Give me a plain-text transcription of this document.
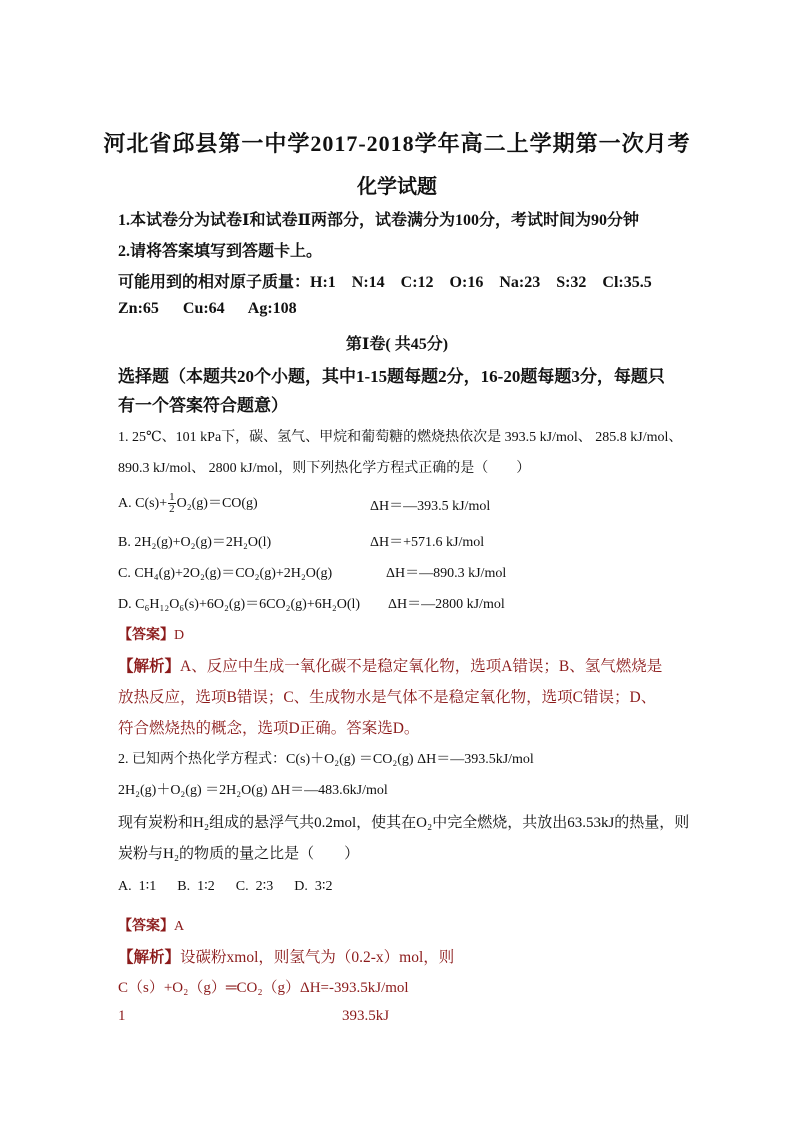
河北省邱县第一中学2017-2018学年高二上学期第一次月考
化学试题
1.本试卷分为试卷Ⅰ和试卷Ⅱ两部分，试卷满分为100分，考试时间为90分钟
2.请将答案填写到答题卡上。
可能用到的相对原子质量：H:1    N:14    C:12    O:16    Na:23    S:32    Cl:35.5
Zn:65      Cu:64      Ag:108
第Ⅰ卷( 共45分)
选择题（本题共20个小题，其中1-15题每题2分，16-20题每题3分，每题只
有一个答案符合题意）
1. 25℃、101 kPa下，碳、氢气、甲烷和葡萄糖的燃烧热依次是 393.5 kJ/mol、 285.8 kJ/mol、
890.3 kJ/mol、 2800 kJ/mol，则下列热化学方程式正确的是（　　）
A. $C(s)+ \frac{1}{2} O_2(g)=CO(g)$	ΔH＝—393.5 kJ/mol
B. 2H₂(g)+O₂(g)＝2H₂O(l)	ΔH＝+571.6 kJ/mol
C. CH₄(g)+2O₂(g)＝CO₂(g)+2H₂O(g)	ΔH＝—890.3 kJ/mol
D. C₆H₁₂O₆(s)+6O₂(g)＝6CO₂(g)+6H₂O(l) ΔH＝—2800 kJ/mol
【答案】D
【解析】A、反应中生成一氧化碳不是稳定氧化物，选项A错误；B、氢气燃烧是
放热反应，选项B错误；C、生成物水是气体不是稳定氧化物，选项C错误；D、
符合燃烧热的概念，选项D正确。答案选D。
2. 已知两个热化学方程式：C(s)＋O₂(g) ＝CO₂(g) ΔH＝—393.5kJ/mol
2H₂(g)＋O₂(g) ＝2H₂O(g) ΔH＝—483.6kJ/mol
现有炭粉和H₂组成的悬浮气共0.2mol，使其在O₂中完全燃烧，共放出63.53kJ的热量，则
炭粉与H₂的物质的量之比是（　　）
A.  1∶1      B.  1∶2      C.  2∶3      D.  3∶2
【答案】A
【解析】设碳粉xmol，则氢气为（0.2-x）mol，则
C（s）+O₂（g）═CO₂（g）ΔH=-393.5kJ/mol
1	393.5kJ
